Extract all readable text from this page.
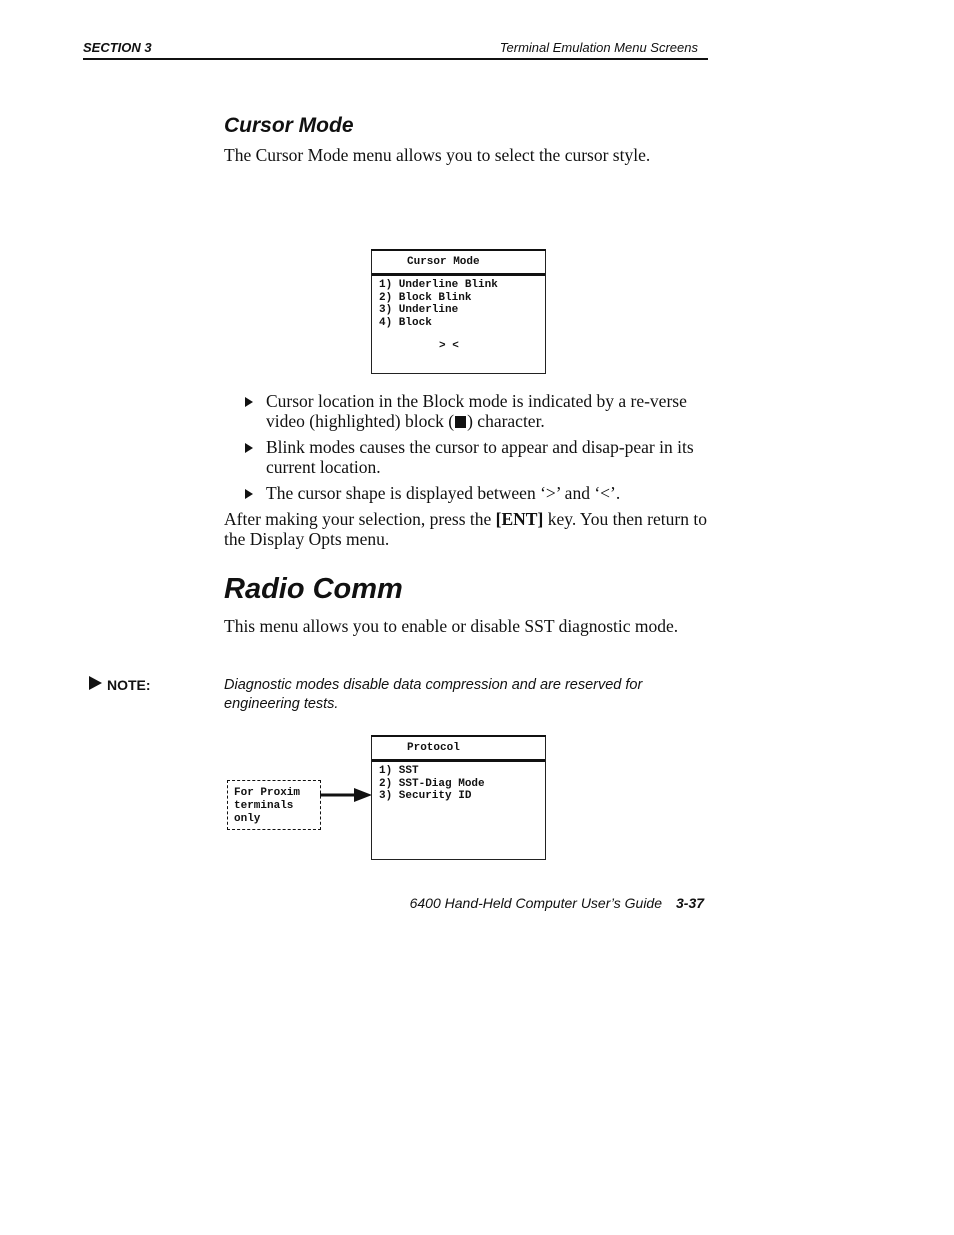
SECTION 3	Terminal Emulation Menu Screens
Cursor Mode
The Cursor Mode menu allows you to select the cursor style.
Cursor Mode
1) Underline Blink
2) Block Blink
3) Underline
4) Block
> <
Cursor location in the Block mode is indicated by a re-verse video (highlighted) block ( ) character.
Blink modes causes the cursor to appear and disap-pear in its current location.
The cursor shape is displayed between ‘>’ and ‘<’.
After making your selection, press the [ENT] key. You then return to the Display Opts menu.
Radio Comm
This menu allows you to enable or disable SST diagnostic mode.
NOTE:	Diagnostic modes disable data compression and are reserved for engineering tests.
For Proxim
terminals
only
Protocol
1) SST
2) SST-Diag Mode
3) Security ID
6400 Hand-Held Computer User’s Guide 3-37
